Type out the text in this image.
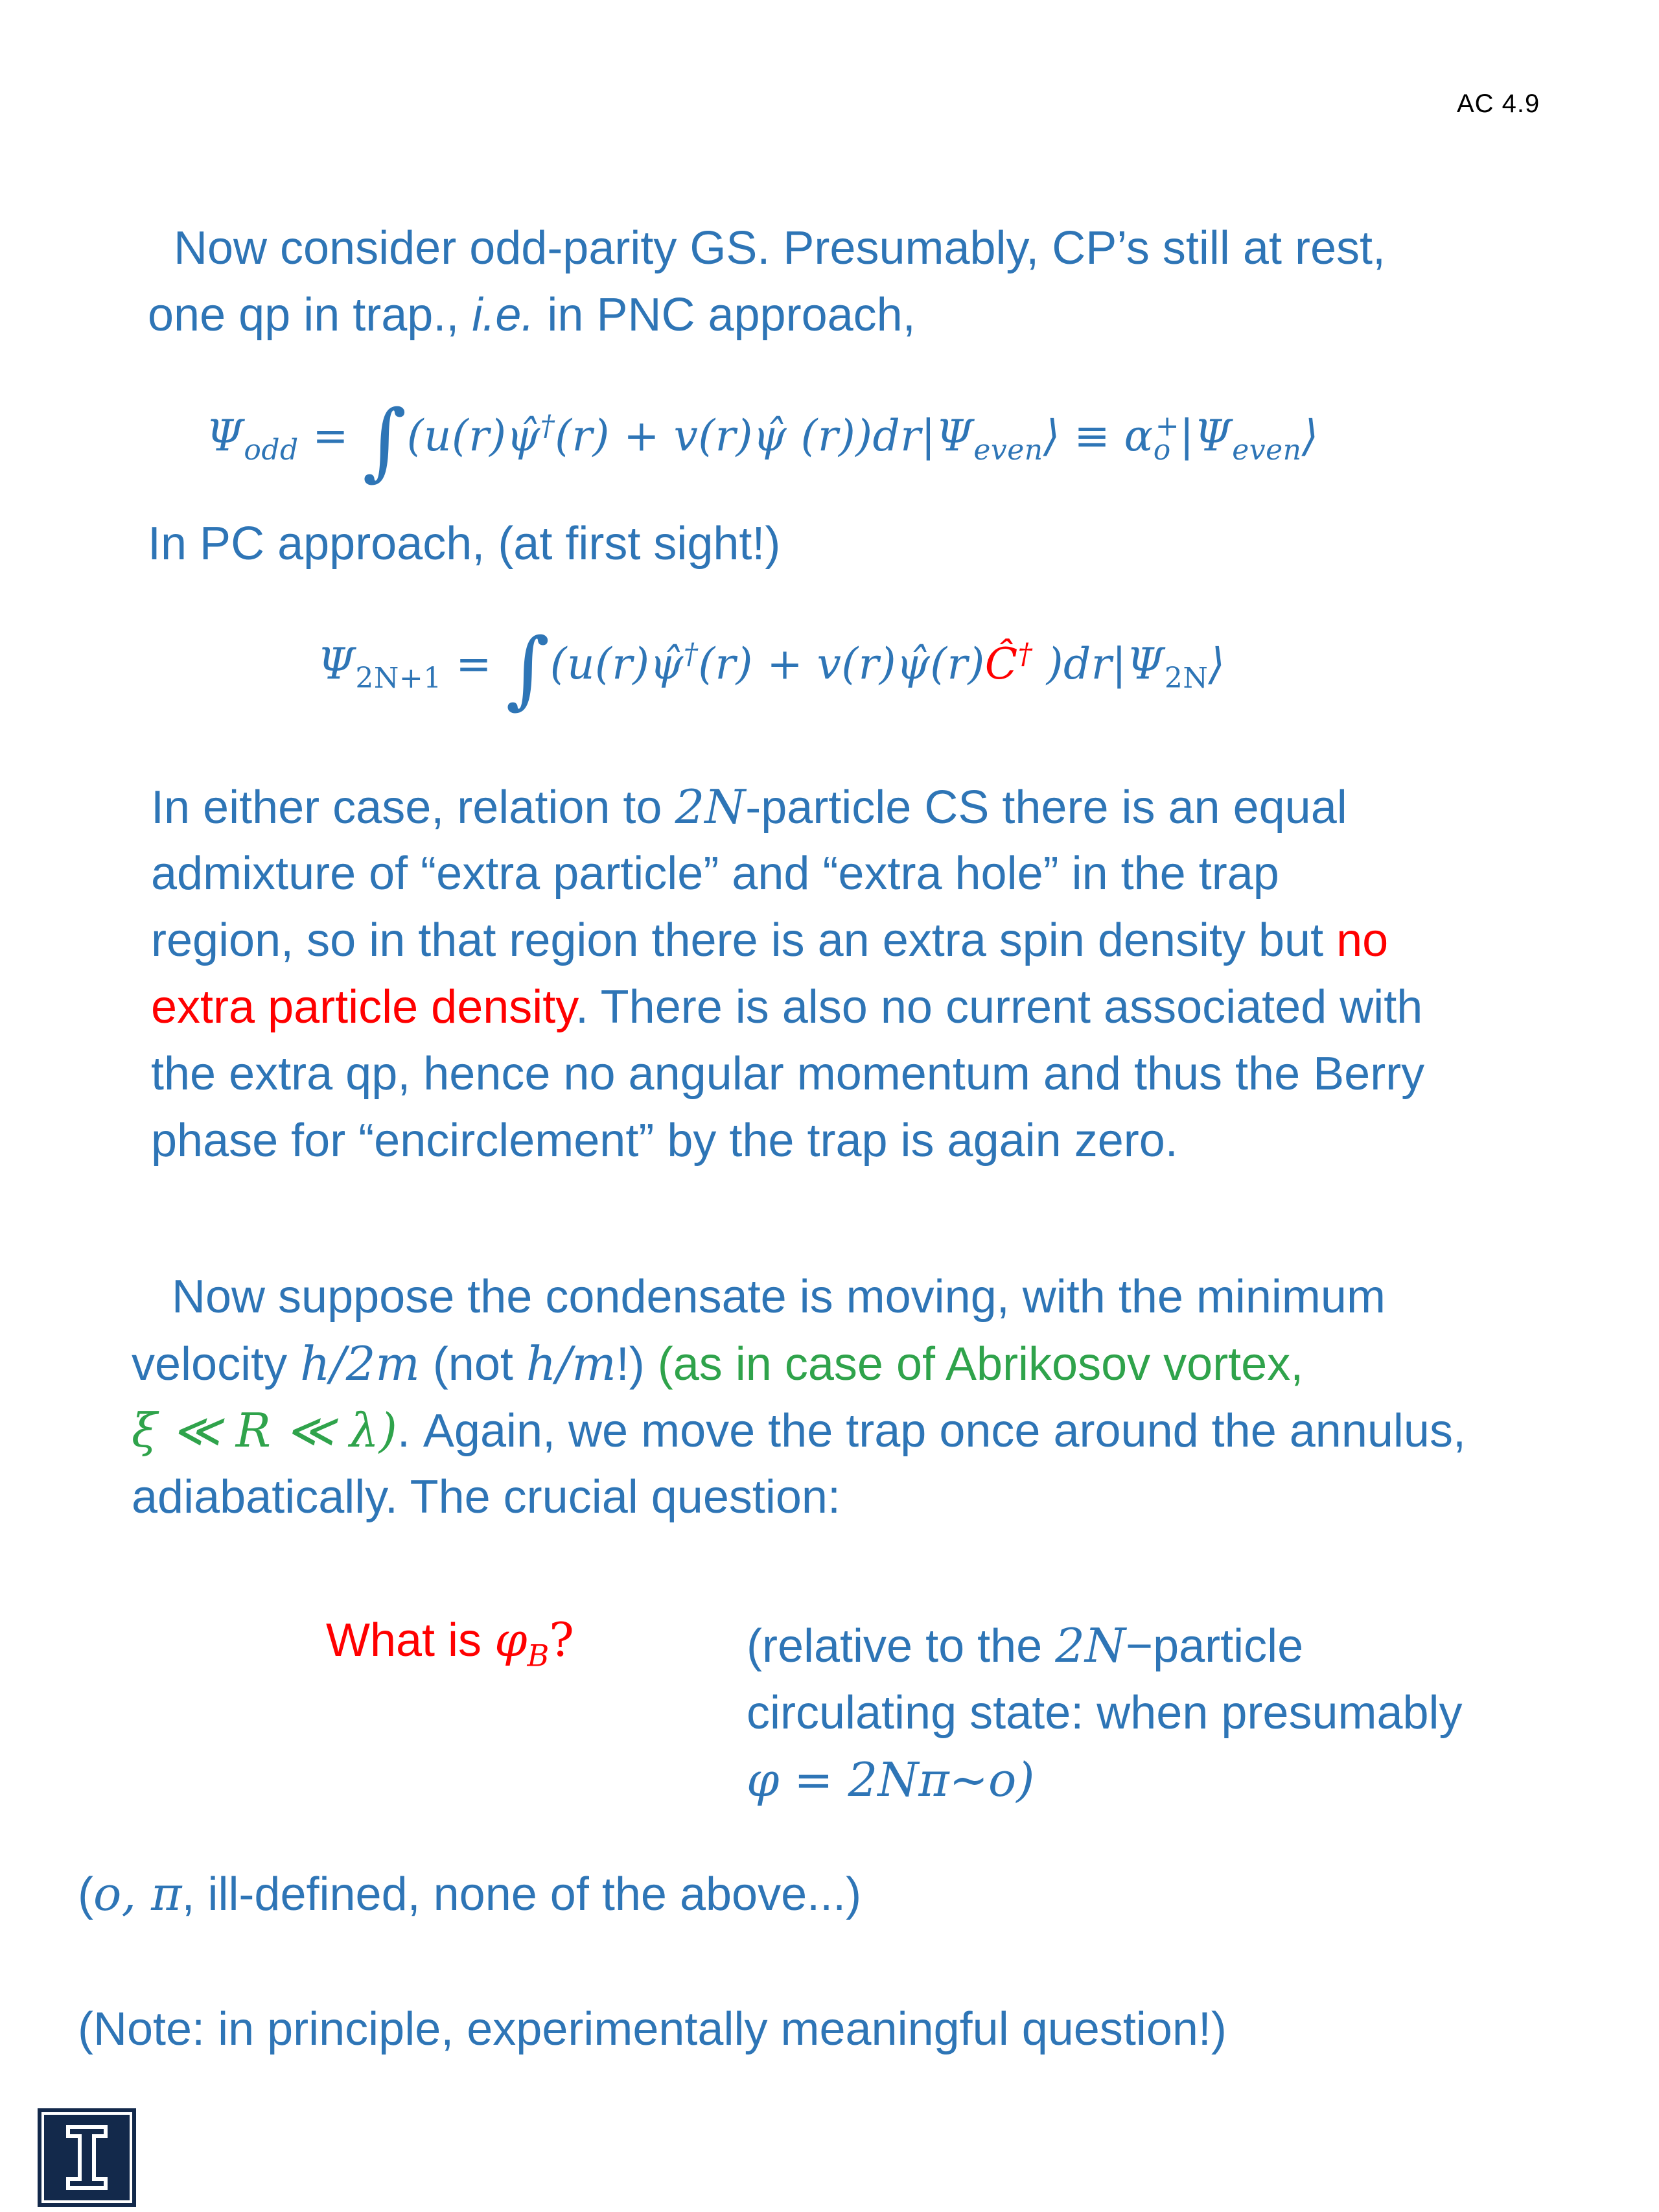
AC 4.9
Now consider odd-parity GS. Presumably, CP’s still at rest,
one qp in trap., i.e. in PNC approach,
$\Psi_{odd}$ = ∫(u(r)ψ̂†(r) + v(r)ψ̂ $(r))dr|\Psi_{even}⟩$ ≡ $\alpha_o^+|\Psi_{even}⟩$
In PC approach, (at first sight!)
$\Psi_{2N+1}$ = ∫(u(r)ψ̂†(r) + v(r)ψ̂(r)Ĉ† )$dr|\Psi_{2N}⟩$
In either case, relation to 2N-particle CS there is an equal
admixture of “extra particle” and “extra hole” in the trap
region, so in that region there is an extra spin density but no
extra particle density. There is also no current associated with
the extra qp, hence no angular momentum and thus the Berry
phase for “encirclement” by the trap is again zero.
Now suppose the condensate is moving, with the minimum
velocity h/2m (not h/m!) (as in case of Abrikosov vortex,
ξ ≪ R ≪ λ). Again, we move the trap once around the annulus,
adiabatically. The crucial question:
What is $\varphi_B$?	(relative to the 2N−particle
circulating state: when presumably
φ = 2Nπ~o)
(o, π, ill-defined, none of the above...)
(Note: in principle, experimentally meaningful question!)
